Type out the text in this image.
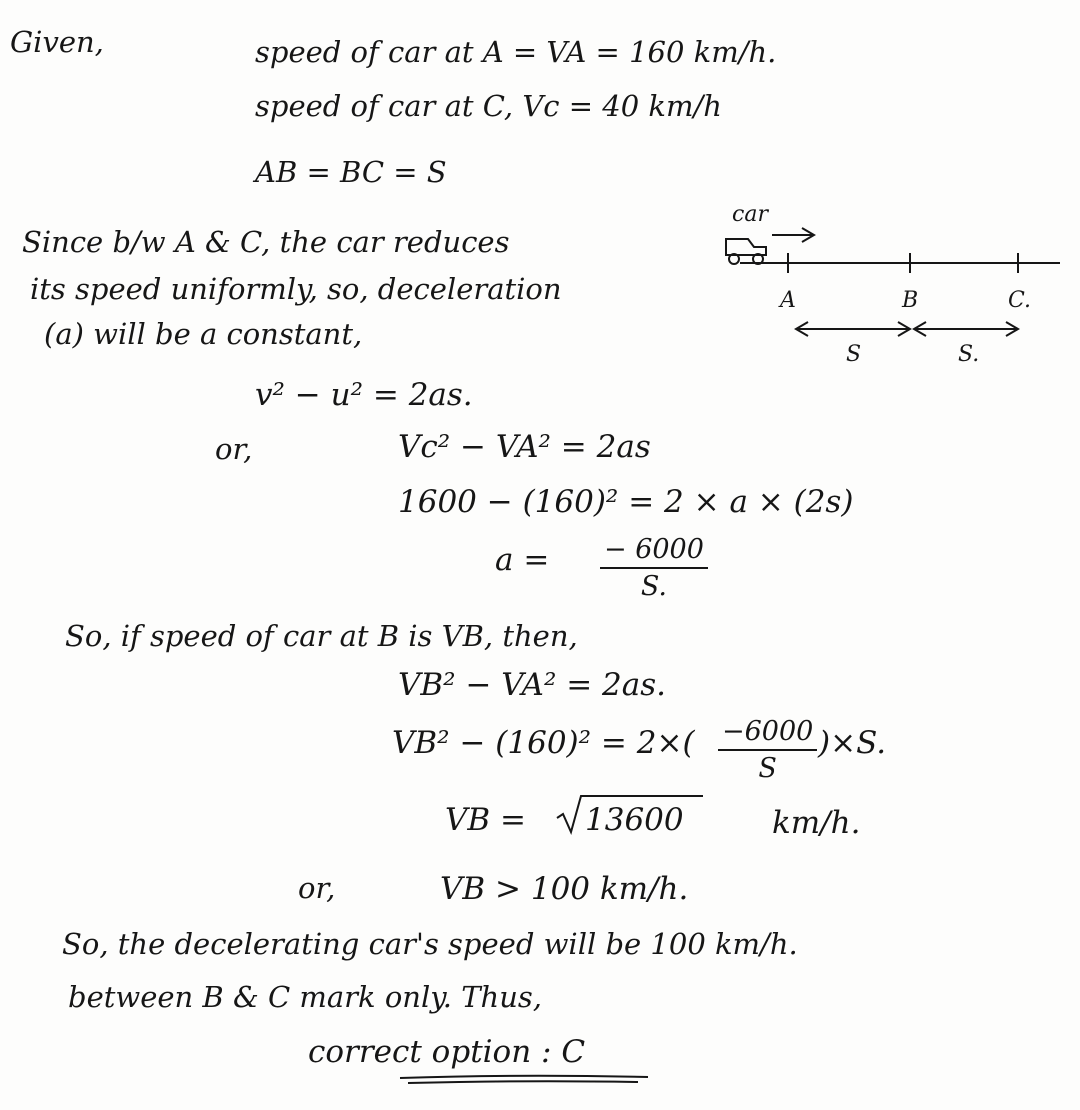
Given,	speed of car at A = VA = 160 km/h.
speed of car at C, Vc = 40 km/h
AB = BC = S
Since b/w A & C, the car reduces
its speed uniformly, so, deceleration
(a) will be a constant,
car
A	B	C.
S	S.
v² − u² = 2as.
or,	Vc² − VA² = 2as
1600 − (160)² = 2 × a × (2s)
$a = \frac{- 6000}{S.}$
So, if speed of car at B is VB, then,
VB² − VA² = 2as.
$VB^2 - (160)^2 = 2\times( \frac{-6000}{S} )\times S$.
VB = 13600	km/h.
or,	VB > 100 km/h.
So, the decelerating car's speed will be 100 km/h.
between B & C mark only. Thus,
correct option : C
